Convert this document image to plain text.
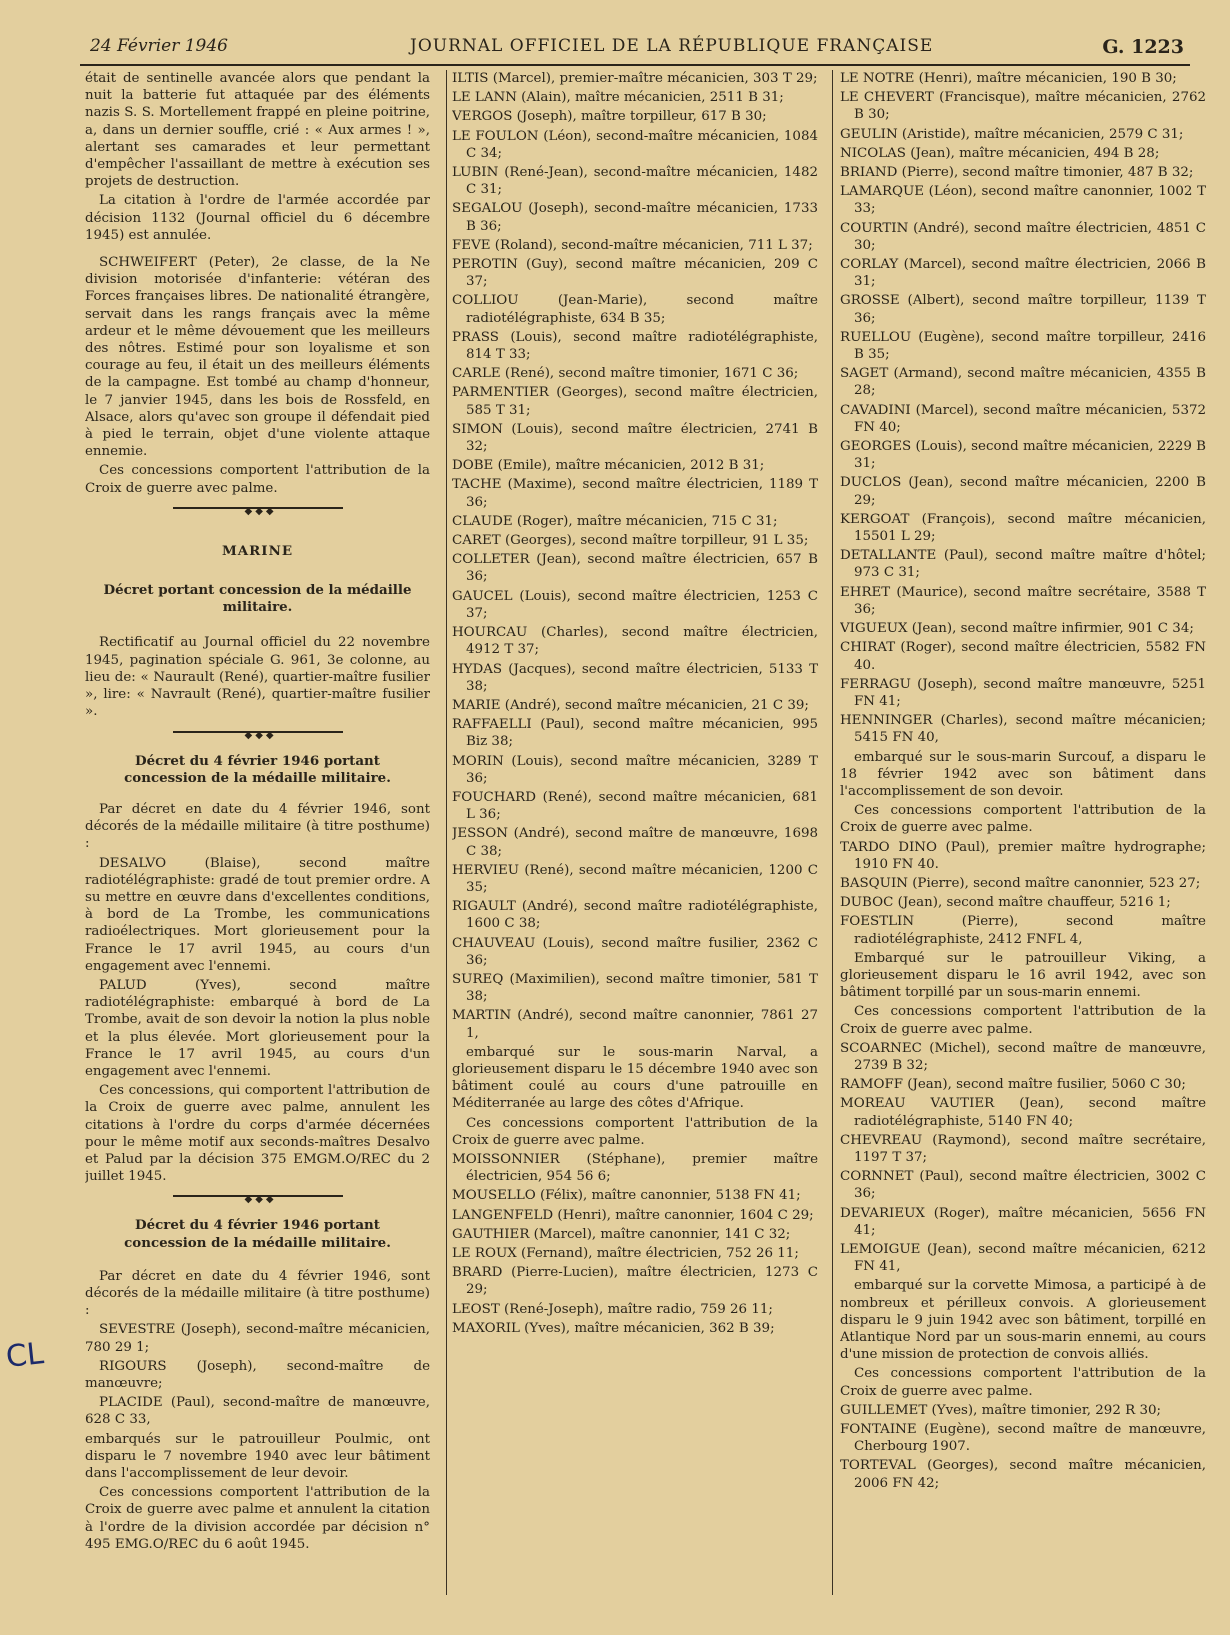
24 Février 1946	JOURNAL OFFICIEL DE LA RÉPUBLIQUE FRANÇAISE	G. 1223
CL

était de sentinelle avancée alors que pendant la nuit la batterie fut attaquée par des éléments nazis S. S. Mortellement frappé en pleine poitrine, a, dans un dernier souffle, crié : « Aux armes ! », alertant ses camarades et leur permettant d'empêcher l'assaillant de mettre à exécution ses projets de destruction.

La citation à l'ordre de l'armée accordée par décision 1132 (Journal officiel du 6 décembre 1945) est annulée.

SCHWEIFERT (Peter), 2e classe, de la Ne division motorisée d'infanterie: vétéran des Forces françaises libres. De nationalité étrangère, servait dans les rangs français avec la même ardeur et le même dévouement que les meilleurs des nôtres. Estimé pour son loyalisme et son courage au feu, il était un des meilleurs éléments de la campagne. Est tombé au champ d'honneur, le 7 janvier 1945, dans les bois de Rossfeld, en Alsace, alors qu'avec son groupe il défendait pied à pied le terrain, objet d'une violente attaque ennemie.

Ces concessions comportent l'attribution de la Croix de guerre avec palme.

◆◆◆
MARINE
Décret portant concession de la médaille militaire.

Rectificatif au Journal officiel du 22 novembre 1945, pagination spéciale G. 961, 3e colonne, au lieu de: « Naurault (René), quartier-maître fusilier », lire: « Navrault (René), quartier-maître fusilier ».

◆◆◆
Décret du 4 février 1946 portant concession de la médaille militaire.

Par décret en date du 4 février 1946, sont décorés de la médaille militaire (à titre posthume) :

DESALVO (Blaise), second maître radiotélégraphiste: gradé de tout premier ordre. A su mettre en œuvre dans d'excellentes conditions, à bord de La Trombe, les communications radioélectriques. Mort glorieusement pour la France le 17 avril 1945, au cours d'un engagement avec l'ennemi.

PALUD (Yves), second maître radiotélégraphiste: embarqué à bord de La Trombe, avait de son devoir la notion la plus noble et la plus élevée. Mort glorieusement pour la France le 17 avril 1945, au cours d'un engagement avec l'ennemi.

Ces concessions, qui comportent l'attribution de la Croix de guerre avec palme, annulent les citations à l'ordre du corps d'armée décernées pour le même motif aux seconds-maîtres Desalvo et Palud par la décision 375 EMGM.O/REC du 2 juillet 1945.

◆◆◆
Décret du 4 février 1946 portant concession de la médaille militaire.

Par décret en date du 4 février 1946, sont décorés de la médaille militaire (à titre posthume) :

SEVESTRE (Joseph), second-maître mécanicien, 780 29 1;

RIGOURS (Joseph), second-maître de manœuvre;

PLACIDE (Paul), second-maître de manœuvre, 628 C 33,

embarqués sur le patrouilleur Poulmic, ont disparu le 7 novembre 1940 avec leur bâtiment dans l'accomplissement de leur devoir.

Ces concessions comportent l'attribution de la Croix de guerre avec palme et annulent la citation à l'ordre de la division accordée par décision n° 495 EMG.O/REC du 6 août 1945.

ILTIS (Marcel), premier-maître mécanicien, 303 T 29;

LE LANN (Alain), maître mécanicien, 2511 B 31;

VERGOS (Joseph), maître torpilleur, 617 B 30;

LE FOULON (Léon), second-maître mécanicien, 1084 C 34;

LUBIN (René-Jean), second-maître mécanicien, 1482 C 31;

SEGALOU (Joseph), second-maître mécanicien, 1733 B 36;

FEVE (Roland), second-maître mécanicien, 711 L 37;

PEROTIN (Guy), second maître mécanicien, 209 C 37;

COLLIOU (Jean-Marie), second maître radiotélégraphiste, 634 B 35;

PRASS (Louis), second maître radiotélégraphiste, 814 T 33;

CARLE (René), second maître timonier, 1671 C 36;

PARMENTIER (Georges), second maître électricien, 585 T 31;

SIMON (Louis), second maître électricien, 2741 B 32;

DOBE (Emile), maître mécanicien, 2012 B 31;

TACHE (Maxime), second maître électricien, 1189 T 36;

CLAUDE (Roger), maître mécanicien, 715 C 31;

CARET (Georges), second maître torpilleur, 91 L 35;

COLLETER (Jean), second maître électricien, 657 B 36;

GAUCEL (Louis), second maître électricien, 1253 C 37;

HOURCAU (Charles), second maître électricien, 4912 T 37;

HYDAS (Jacques), second maître électricien, 5133 T 38;

MARIE (André), second maître mécanicien, 21 C 39;

RAFFAELLI (Paul), second maître mécanicien, 995 Biz 38;

MORIN (Louis), second maître mécanicien, 3289 T 36;

FOUCHARD (René), second maître mécanicien, 681 L 36;

JESSON (André), second maître de manœuvre, 1698 C 38;

HERVIEU (René), second maître mécanicien, 1200 C 35;

RIGAULT (André), second maître radiotélégraphiste, 1600 C 38;

CHAUVEAU (Louis), second maître fusilier, 2362 C 36;

SUREQ (Maximilien), second maître timonier, 581 T 38;

MARTIN (André), second maître canonnier, 7861 27 1,

embarqué sur le sous-marin Narval, a glorieusement disparu le 15 décembre 1940 avec son bâtiment coulé au cours d'une patrouille en Méditerranée au large des côtes d'Afrique.

Ces concessions comportent l'attribution de la Croix de guerre avec palme.

MOISSONNIER (Stéphane), premier maître électricien, 954 56 6;

MOUSELLO (Félix), maître canonnier, 5138 FN 41;

LANGENFELD (Henri), maître canonnier, 1604 C 29;

GAUTHIER (Marcel), maître canonnier, 141 C 32;

LE ROUX (Fernand), maître électricien, 752 26 11;

BRARD (Pierre-Lucien), maître électricien, 1273 C 29;

LEOST (René-Joseph), maître radio, 759 26 11;

MAXORIL (Yves), maître mécanicien, 362 B 39;

LE NOTRE (Henri), maître mécanicien, 190 B 30;

LE CHEVERT (Francisque), maître mécanicien, 2762 B 30;

GEULIN (Aristide), maître mécanicien, 2579 C 31;

NICOLAS (Jean), maître mécanicien, 494 B 28;

BRIAND (Pierre), second maître timonier, 487 B 32;

LAMARQUE (Léon), second maître canonnier, 1002 T 33;

COURTIN (André), second maître électricien, 4851 C 30;

CORLAY (Marcel), second maître électricien, 2066 B 31;

GROSSE (Albert), second maître torpilleur, 1139 T 36;

RUELLOU (Eugène), second maître torpilleur, 2416 B 35;

SAGET (Armand), second maître mécanicien, 4355 B 28;

CAVADINI (Marcel), second maître mécanicien, 5372 FN 40;

GEORGES (Louis), second maître mécanicien, 2229 B 31;

DUCLOS (Jean), second maître mécanicien, 2200 B 29;

KERGOAT (François), second maître mécanicien, 15501 L 29;

DETALLANTE (Paul), second maître maître d'hôtel; 973 C 31;

EHRET (Maurice), second maître secrétaire, 3588 T 36;

VIGUEUX (Jean), second maître infirmier, 901 C 34;

CHIRAT (Roger), second maître électricien, 5582 FN 40.

FERRAGU (Joseph), second maître manœuvre, 5251 FN 41;

HENNINGER (Charles), second maître mécanicien; 5415 FN 40,

embarqué sur le sous-marin Surcouf, a disparu le 18 février 1942 avec son bâtiment dans l'accomplissement de son devoir.

Ces concessions comportent l'attribution de la Croix de guerre avec palme.

TARDO DINO (Paul), premier maître hydrographe; 1910 FN 40.

BASQUIN (Pierre), second maître canonnier, 523 27;

DUBOC (Jean), second maître chauffeur, 5216 1;

FOESTLIN (Pierre), second maître radiotélégraphiste, 2412 FNFL 4,

Embarqué sur le patrouilleur Viking, a glorieusement disparu le 16 avril 1942, avec son bâtiment torpillé par un sous-marin ennemi.

Ces concessions comportent l'attribution de la Croix de guerre avec palme.

SCOARNEC (Michel), second maître de manœuvre, 2739 B 32;

RAMOFF (Jean), second maître fusilier, 5060 C 30;

MOREAU VAUTIER (Jean), second maître radiotélégraphiste, 5140 FN 40;

CHEVREAU (Raymond), second maître secrétaire, 1197 T 37;

CORNNET (Paul), second maître électricien, 3002 C 36;

DEVARIEUX (Roger), maître mécanicien, 5656 FN 41;

LEMOIGUE (Jean), second maître mécanicien, 6212 FN 41,

embarqué sur la corvette Mimosa, a participé à de nombreux et périlleux convois. A glorieusement disparu le 9 juin 1942 avec son bâtiment, torpillé en Atlantique Nord par un sous-marin ennemi, au cours d'une mission de protection de convois alliés.

Ces concessions comportent l'attribution de la Croix de guerre avec palme.

GUILLEMET (Yves), maître timonier, 292 R 30;

FONTAINE (Eugène), second maître de manœuvre, Cherbourg 1907.

TORTEVAL (Georges), second maître mécanicien, 2006 FN 42;
